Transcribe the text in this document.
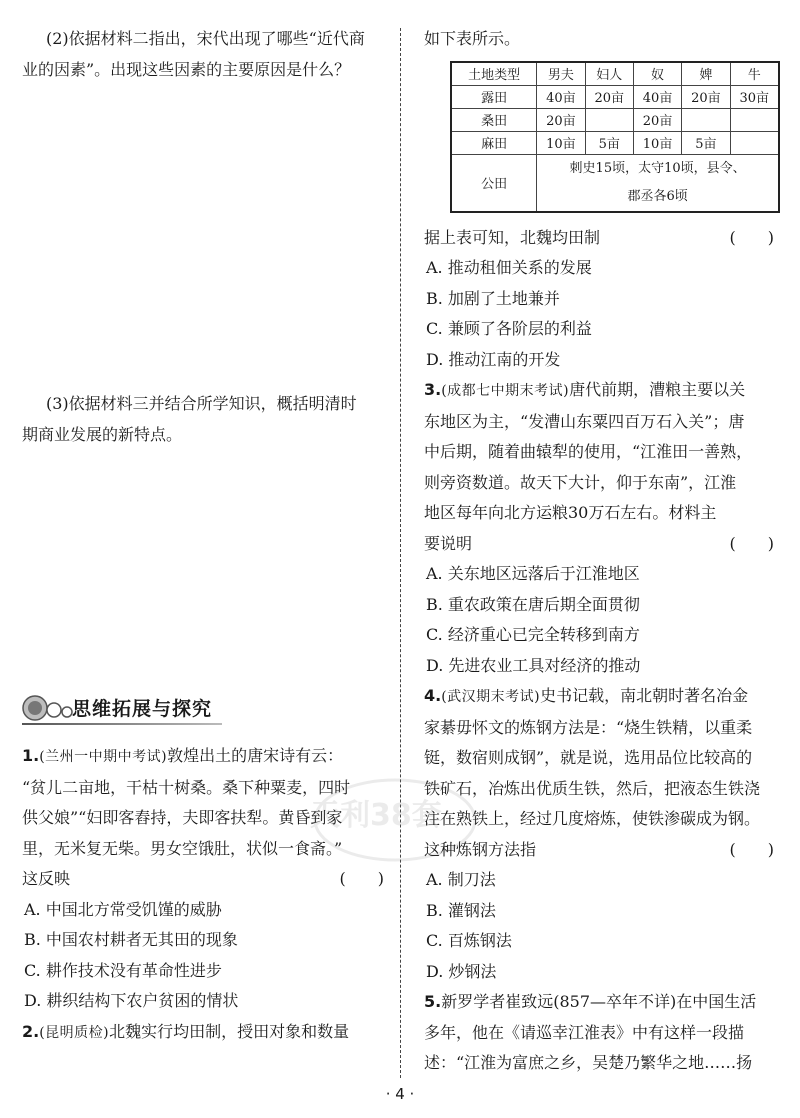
(2)依据材料二指出，宋代出现了哪些“近代商
业的因素”。出现这些因素的主要原因是什么？
(3)依据材料三并结合所学知识，概括明清时
期商业发展的新特点。
思维拓展与探究
1.(兰州一中期中考试)敦煌出土的唐宋诗有云：
“贫儿二亩地，干枯十树桑。桑下种粟麦，四时
供父娘”“妇即客舂持，夫即客扶犁。黄昏到家
里，无米复无柴。男女空饿肚，状似一食斋。”
这反映	(　　)
A. 中国北方常受饥馑的威胁
B. 中国农村耕者无其田的现象
C. 耕作技术没有革命性进步
D. 耕织结构下农户贫困的情状
2.(昆明质检)北魏实行均田制，授田对象和数量
如下表所示。
土地类型	男夫	妇人	奴	婢	牛
露田	40亩	20亩	40亩	20亩	30亩
桑田	20亩		20亩		
麻田	10亩	5亩	10亩	5亩	
公田	刺史15顷，太守10顷，县令、
郡丞各6顷				
据上表可知，北魏均田制	(　　)
A. 推动租佃关系的发展
B. 加剧了土地兼并
C. 兼顾了各阶层的利益
D. 推动江南的开发
3.(成都七中期末考试)唐代前期，漕粮主要以关
东地区为主，“发漕山东粟四百万石入关”；唐
中后期，随着曲辕犁的使用，“江淮田一善熟，
则旁资数道。故天下大计，仰于东南”，江淮
地区每年向北方运粮30万石左右。材料主
要说明	(　　)
A. 关东地区远落后于江淮地区
B. 重农政策在唐后期全面贯彻
C. 经济重心已完全转移到南方
D. 先进农业工具对经济的推动
4.(武汉期末考试)史书记载，南北朝时著名冶金
家綦毋怀文的炼钢方法是：“烧生铁精，以重柔
铤，数宿则成钢”，就是说，选用品位比较高的
铁矿石，冶炼出优质生铁，然后，把液态生铁浇
注在熟铁上，经过几度熔炼，使铁渗碳成为钢。
这种炼钢方法指	(　　)
A. 制刀法
B. 灌钢法
C. 百炼钢法
D. 炒钢法
5.新罗学者崔致远(857—卒年不详)在中国生活
多年，他在《请巡幸江淮表》中有这样一段描
述：“江淮为富庶之乡，吴楚乃繁华之地……扬
天利38套
· 4 ·
